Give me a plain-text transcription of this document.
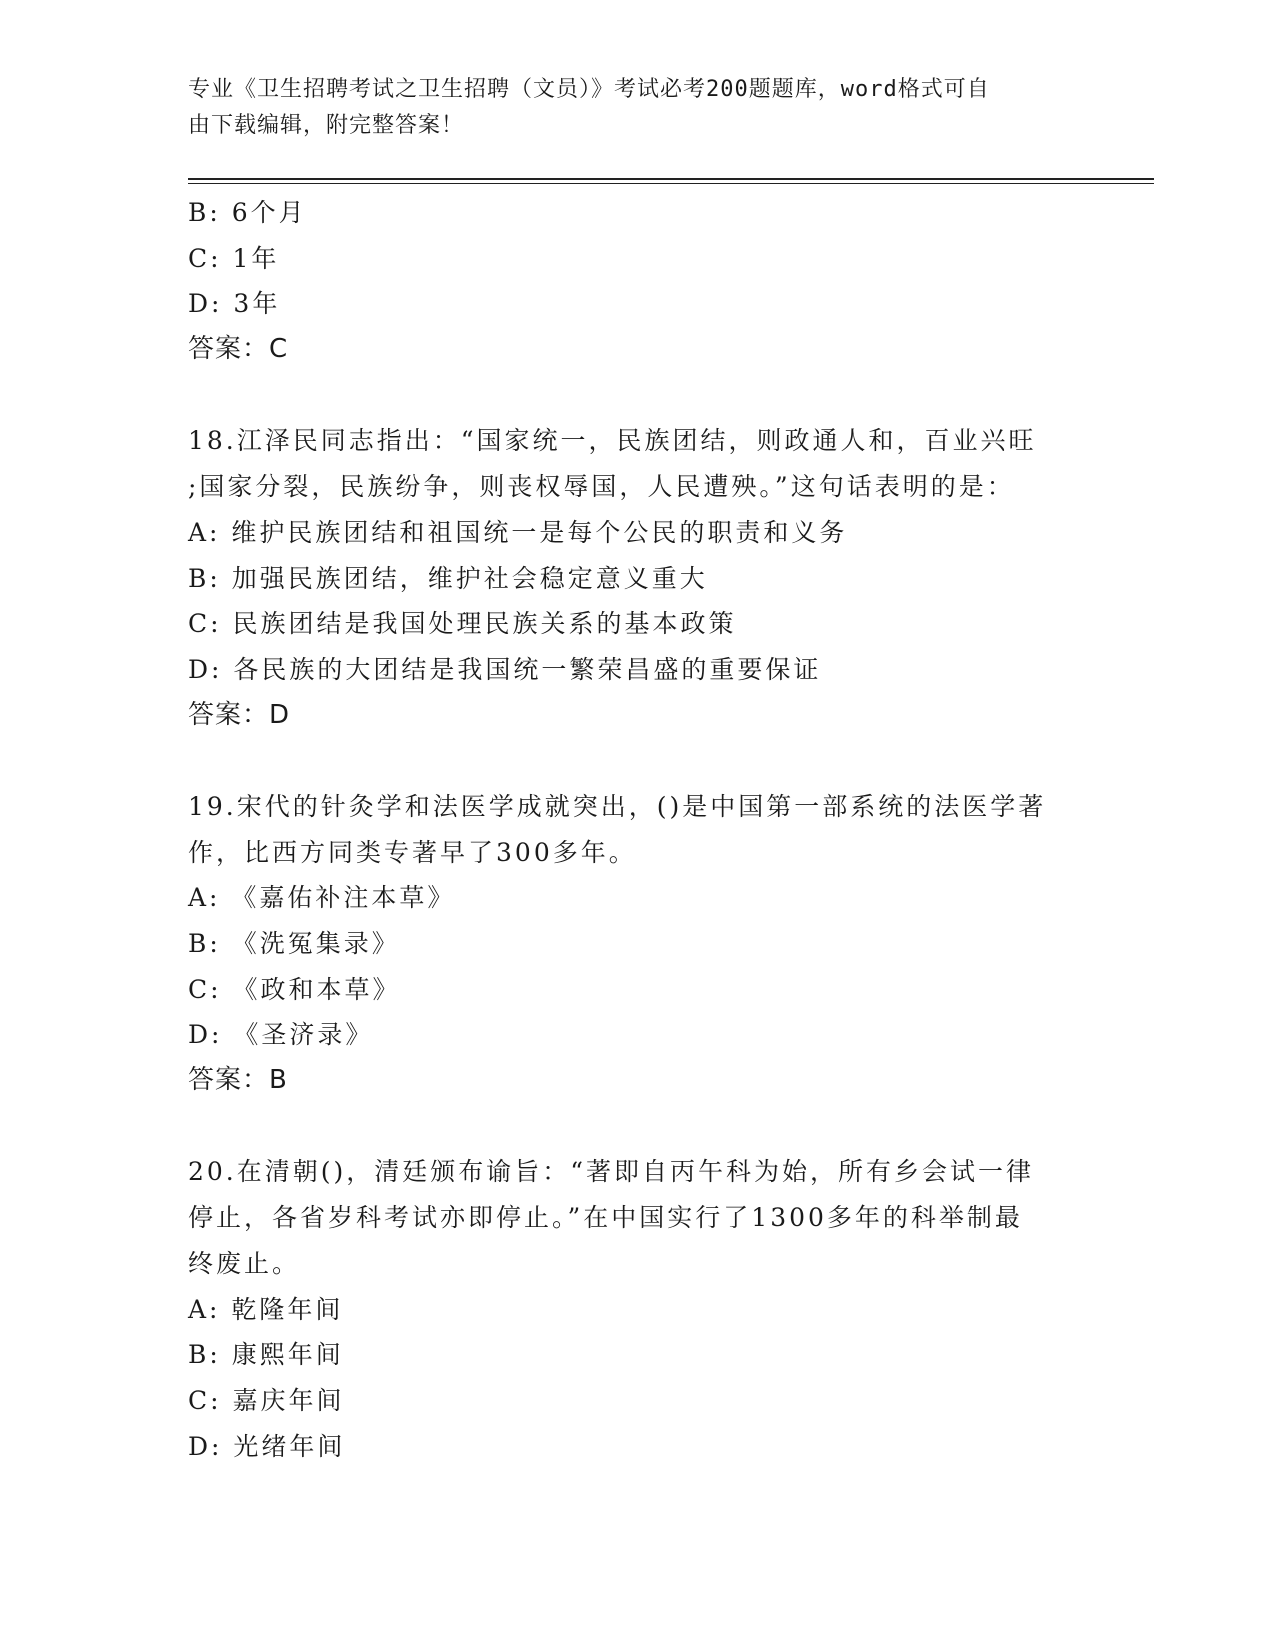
专业《卫生招聘考试之卫生招聘（文员）》考试必考200题题库，word格式可自
由下载编辑，附完整答案！
B: 6个月
C: 1年
D: 3年
答案：C
18.江泽民同志指出：“国家统一，民族团结，则政通人和，百业兴旺
;国家分裂，民族纷争，则丧权辱国，人民遭殃。”这句话表明的是：
A: 维护民族团结和祖国统一是每个公民的职责和义务
B: 加强民族团结，维护社会稳定意义重大
C: 民族团结是我国处理民族关系的基本政策
D: 各民族的大团结是我国统一繁荣昌盛的重要保证
答案：D
19.宋代的针灸学和法医学成就突出，()是中国第一部系统的法医学著
作，比西方同类专著早了300多年。
A: 《嘉佑补注本草》
B: 《洗冤集录》
C: 《政和本草》
D: 《圣济录》
答案：B
20.在清朝()，清廷颁布谕旨：“著即自丙午科为始，所有乡会试一律
停止，各省岁科考试亦即停止。”在中国实行了1300多年的科举制最
终废止。
A: 乾隆年间
B: 康熙年间
C: 嘉庆年间
D: 光绪年间
